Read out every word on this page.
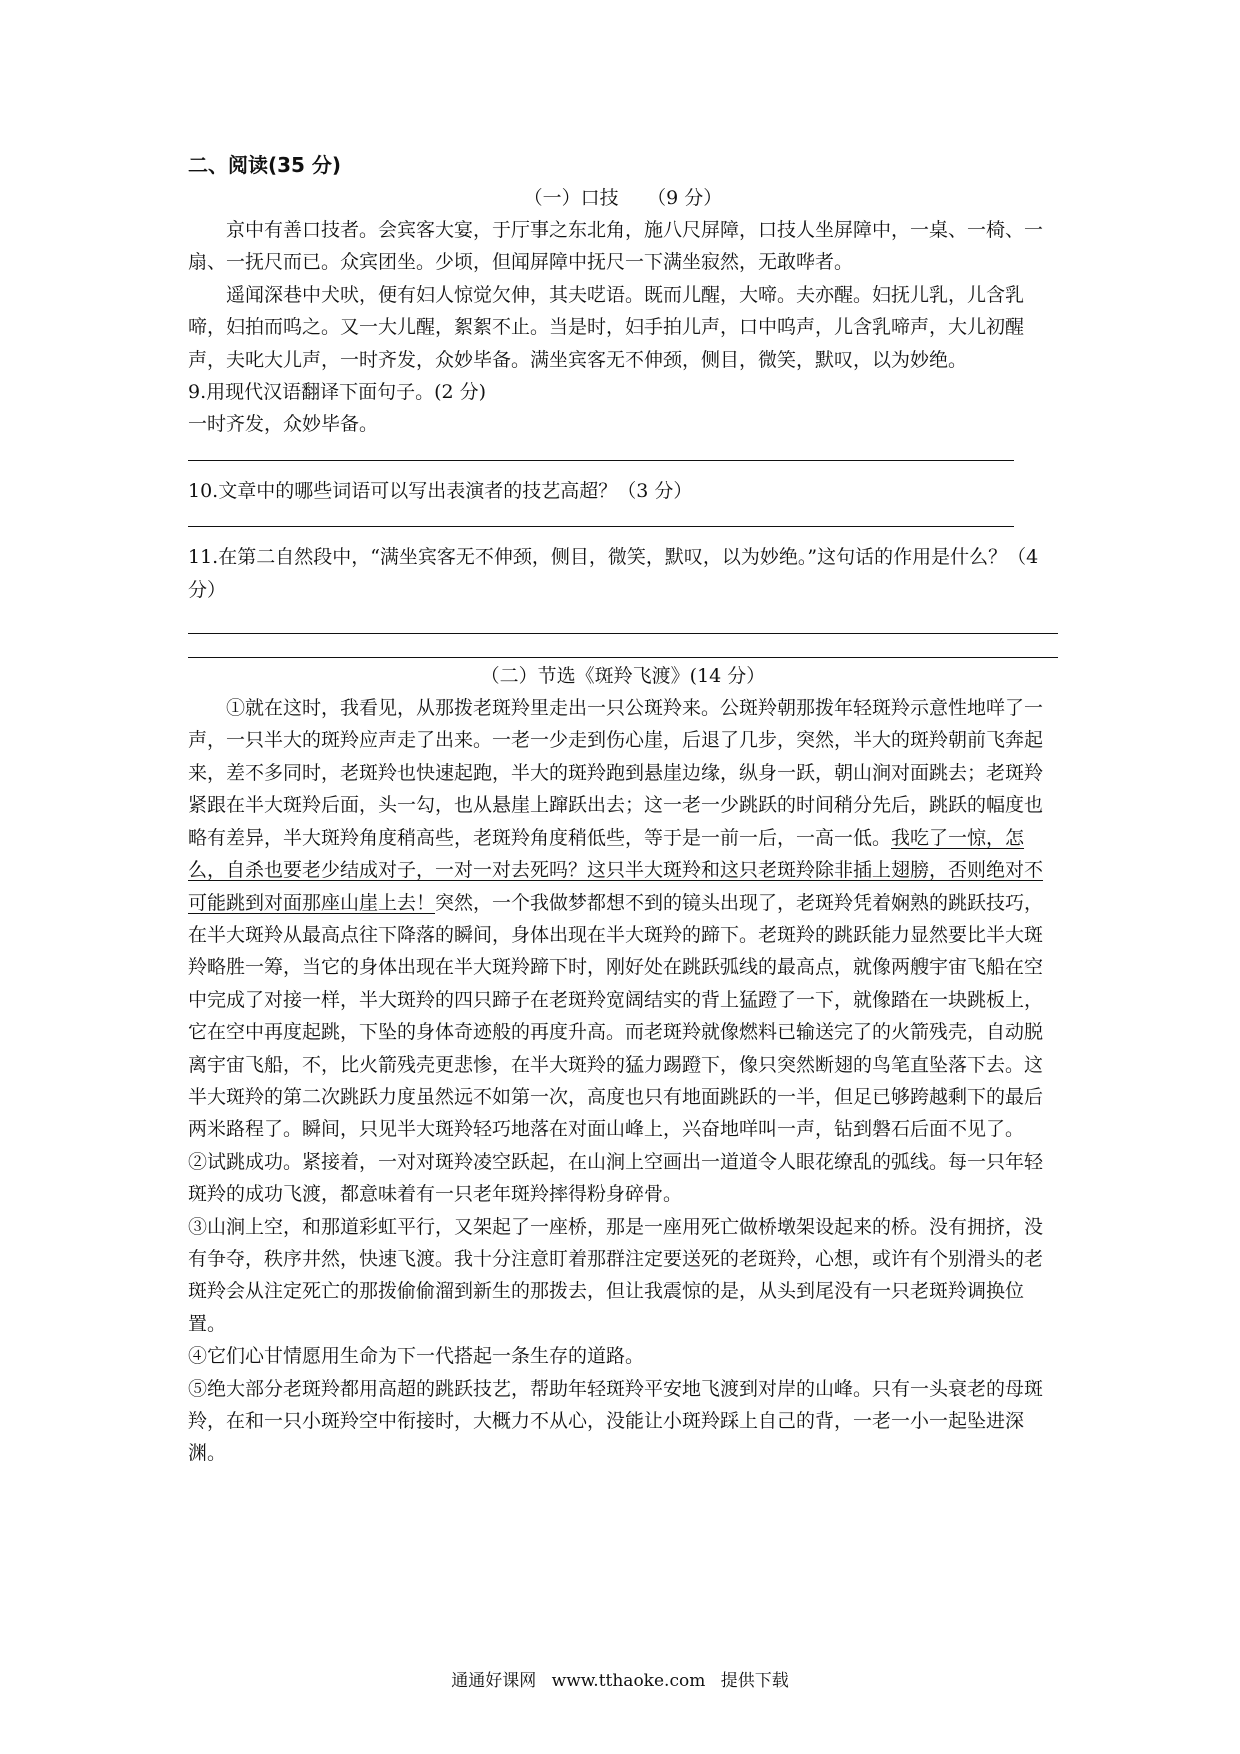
二、阅读(35 分)
（一）口技　　（9 分）

京中有善口技者。会宾客大宴，于厅事之东北角，施八尺屏障，口技人坐屏障中，一桌、一椅、一扇、一抚尺而已。众宾团坐。少顷，但闻屏障中抚尺一下满坐寂然，无敢哗者。

遥闻深巷中犬吠，便有妇人惊觉欠伸，其夫呓语。既而儿醒，大啼。夫亦醒。妇抚儿乳，儿含乳啼，妇拍而呜之。又一大儿醒，絮絮不止。当是时，妇手拍儿声，口中呜声，儿含乳啼声，大儿初醒声，夫叱大儿声，一时齐发，众妙毕备。满坐宾客无不伸颈，侧目，微笑，默叹，以为妙绝。

9.用现代汉语翻译下面句子。(2 分)

一时齐发，众妙毕备。

10.文章中的哪些词语可以写出表演者的技艺高超？（3 分）

11.在第二自然段中，“满坐宾客无不伸颈，侧目，微笑，默叹，以为妙绝。”这句话的作用是什么？（4 分）

（二）节选《斑羚飞渡》(14 分）

①就在这时，我看见，从那拨老斑羚里走出一只公斑羚来。公斑羚朝那拨年轻斑羚示意性地咩了一声，一只半大的斑羚应声走了出来。一老一少走到伤心崖，后退了几步，突然，半大的斑羚朝前飞奔起来，差不多同时，老斑羚也快速起跑，半大的斑羚跑到悬崖边缘，纵身一跃，朝山涧对面跳去；老斑羚紧跟在半大斑羚后面，头一勾，也从悬崖上蹿跃出去；这一老一少跳跃的时间稍分先后，跳跃的幅度也略有差异，半大斑羚角度稍高些，老斑羚角度稍低些，等于是一前一后，一高一低。我吃了一惊，怎么，自杀也要老少结成对子，一对一对去死吗？这只半大斑羚和这只老斑羚除非插上翅膀，否则绝对不可能跳到对面那座山崖上去！突然，一个我做梦都想不到的镜头出现了，老斑羚凭着娴熟的跳跃技巧，在半大斑羚从最高点往下降落的瞬间，身体出现在半大斑羚的蹄下。老斑羚的跳跃能力显然要比半大斑羚略胜一筹，当它的身体出现在半大斑羚蹄下时，刚好处在跳跃弧线的最高点，就像两艘宇宙飞船在空中完成了对接一样，半大斑羚的四只蹄子在老斑羚宽阔结实的背上猛蹬了一下，就像踏在一块跳板上，它在空中再度起跳，下坠的身体奇迹般的再度升高。而老斑羚就像燃料已输送完了的火箭残壳，自动脱离宇宙飞船，不，比火箭残壳更悲惨，在半大斑羚的猛力踢蹬下，像只突然断翅的鸟笔直坠落下去。这半大斑羚的第二次跳跃力度虽然远不如第一次，高度也只有地面跳跃的一半，但足已够跨越剩下的最后两米路程了。瞬间，只见半大斑羚轻巧地落在对面山峰上，兴奋地咩叫一声，钻到磐石后面不见了。

②试跳成功。紧接着，一对对斑羚凌空跃起，在山涧上空画出一道道令人眼花缭乱的弧线。每一只年轻斑羚的成功飞渡，都意味着有一只老年斑羚摔得粉身碎骨。

③山涧上空，和那道彩虹平行，又架起了一座桥，那是一座用死亡做桥墩架设起来的桥。没有拥挤，没有争夺，秩序井然，快速飞渡。我十分注意盯着那群注定要送死的老斑羚，心想，或许有个别滑头的老斑羚会从注定死亡的那拨偷偷溜到新生的那拨去，但让我震惊的是，从头到尾没有一只老斑羚调换位置。

④它们心甘情愿用生命为下一代搭起一条生存的道路。

⑤绝大部分老斑羚都用高超的跳跃技艺，帮助年轻斑羚平安地飞渡到对岸的山峰。只有一头衰老的母斑羚，在和一只小斑羚空中衔接时，大概力不从心，没能让小斑羚踩上自己的背，一老一小一起坠进深渊。

通通好课网 www.tthaoke.com 提供下载
